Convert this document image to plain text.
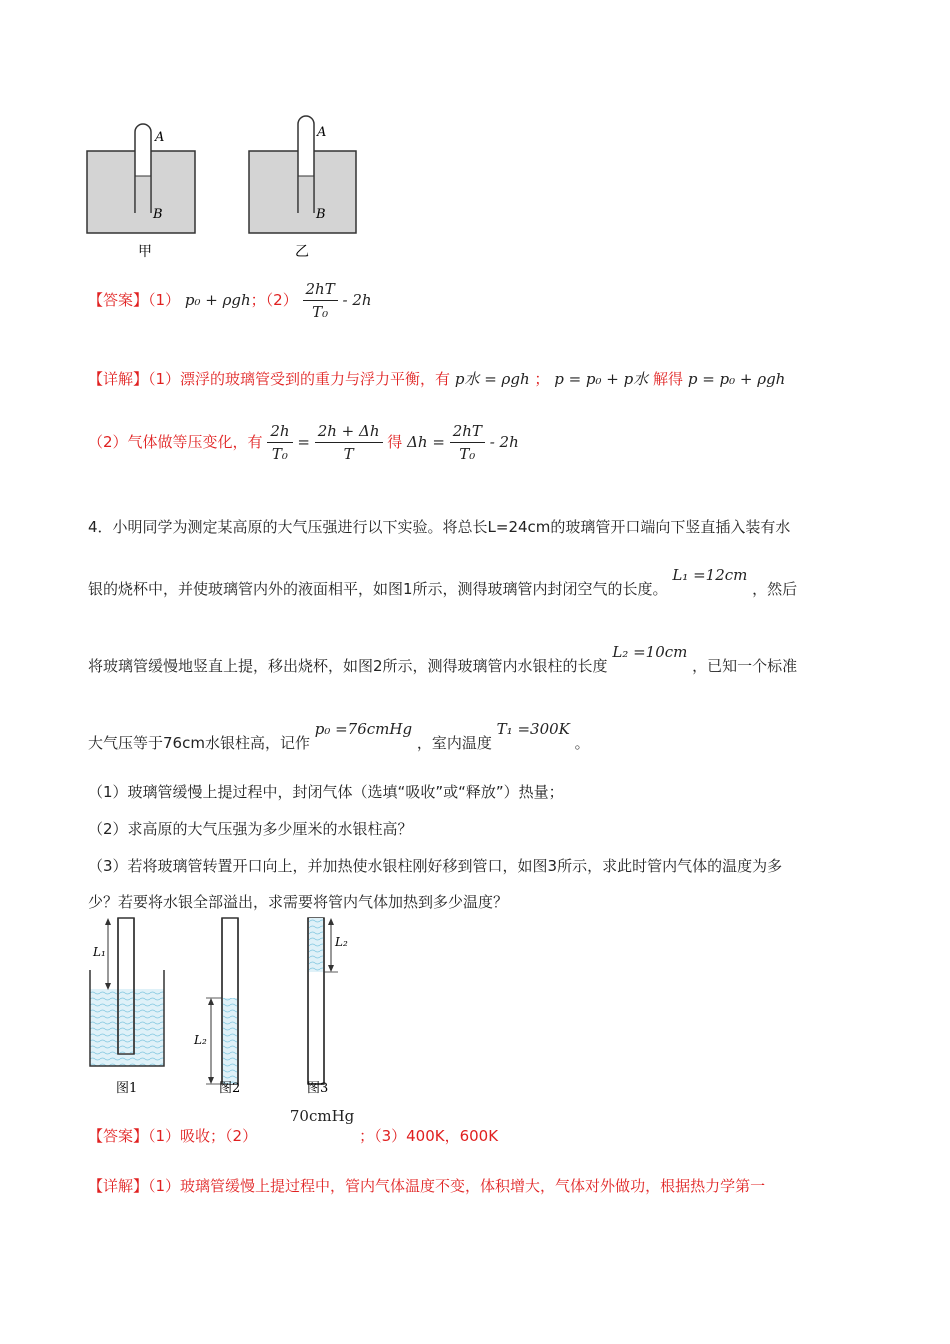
A
B
甲
A
B
乙
【答案】（1） p₀ + ρgh；$(2) \frac{2hT}{\text{T₀}} - 2h$
【详解】（1）漂浮的玻璃管受到的重力与浮力平衡，有 p水 = ρgh ； p = p₀ + p水 解得 p = p₀ + ρgh
（2）气体做等压变化，有 $\frac{2h}{\text{T₀}} = \frac{2h + \Delta h}{T}$ 得 $\Delta h = \frac{2hT}{\text{T₀}} - 2h$
4．小明同学为测定某高原的大气压强进行以下实验。将总长L=24cm的玻璃管开口端向下竖直插入装有水
银的烧杯中，并使玻璃管内外的液面相平，如图1所示，测得玻璃管内封闭空气的长度。 L₁ =12cm ，然后
将玻璃管缓慢地竖直上提，移出烧杯，如图2所示，测得玻璃管内水银柱的长度 L₂ =10cm ，已知一个标准
大气压等于76cm水银柱高，记作 p₀ =76cmHg ，室内温度 T₁ =300K 。
（1）玻璃管缓慢上提过程中，封闭气体（选填“吸收”或“释放”）热量；
（2）求高原的大气压强为多少厘米的水银柱高？
（3）若将玻璃管转置开口向上，并加热使水银柱刚好移到管口，如图3所示，求此时管内气体的温度为多
少？若要将水银全部溢出，求需要将管内气体加热到多少温度？
L₁
图1
L₂
图2
L₂
图3
【答案】（1）吸收；（2） 70cmHg ；（3）400K，600K
【详解】（1）玻璃管缓慢上提过程中，管内气体温度不变，体积增大，气体对外做功，根据热力学第一
